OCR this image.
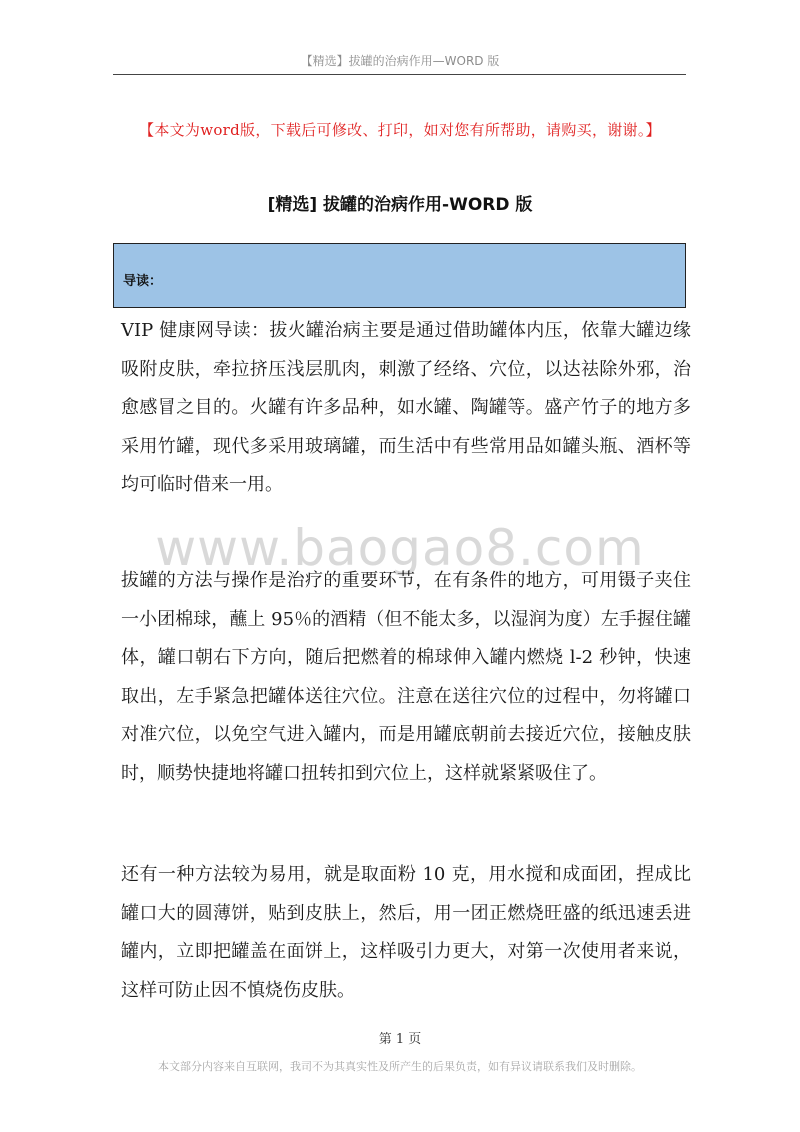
【精选】拔罐的治病作用—WORD 版
【本文为word版，下载后可修改、打印，如对您有所帮助，请购买，谢谢。】
[精选] 拔罐的治病作用-WORD 版
导读：

VIP 健康网导读：拔火罐治病主要是通过借助罐体内压，依靠大罐边缘吸附皮肤，牵拉挤压浅层肌肉，刺激了经络、穴位，以达祛除外邪，治愈感冒之目的。火罐有许多品种，如水罐、陶罐等。盛产竹子的地方多采用竹罐，现代多采用玻璃罐，而生活中有些常用品如罐头瓶、酒杯等均可临时借来一用。

www.baogao8.com

拔罐的方法与操作是治疗的重要环节，在有条件的地方，可用镊子夹住一小团棉球，蘸上 95％的酒精（但不能太多，以湿润为度）左手握住罐体，罐口朝右下方向，随后把燃着的棉球伸入罐内燃烧 l-2 秒钟，快速取出，左手紧急把罐体送往穴位。注意在送往穴位的过程中，勿将罐口对准穴位，以免空气进入罐内，而是用罐底朝前去接近穴位，接触皮肤时，顺势快捷地将罐口扭转扣到穴位上，这样就紧紧吸住了。

还有一种方法较为易用，就是取面粉 10 克，用水搅和成面团，捏成比罐口大的圆薄饼，贴到皮肤上，然后，用一团正燃烧旺盛的纸迅速丢进罐内，立即把罐盖在面饼上，这样吸引力更大，对第一次使用者来说，这样可防止因不慎烧伤皮肤。

第 1 页
本文部分内容来自互联网，我司不为其真实性及所产生的后果负责，如有异议请联系我们及时删除。
